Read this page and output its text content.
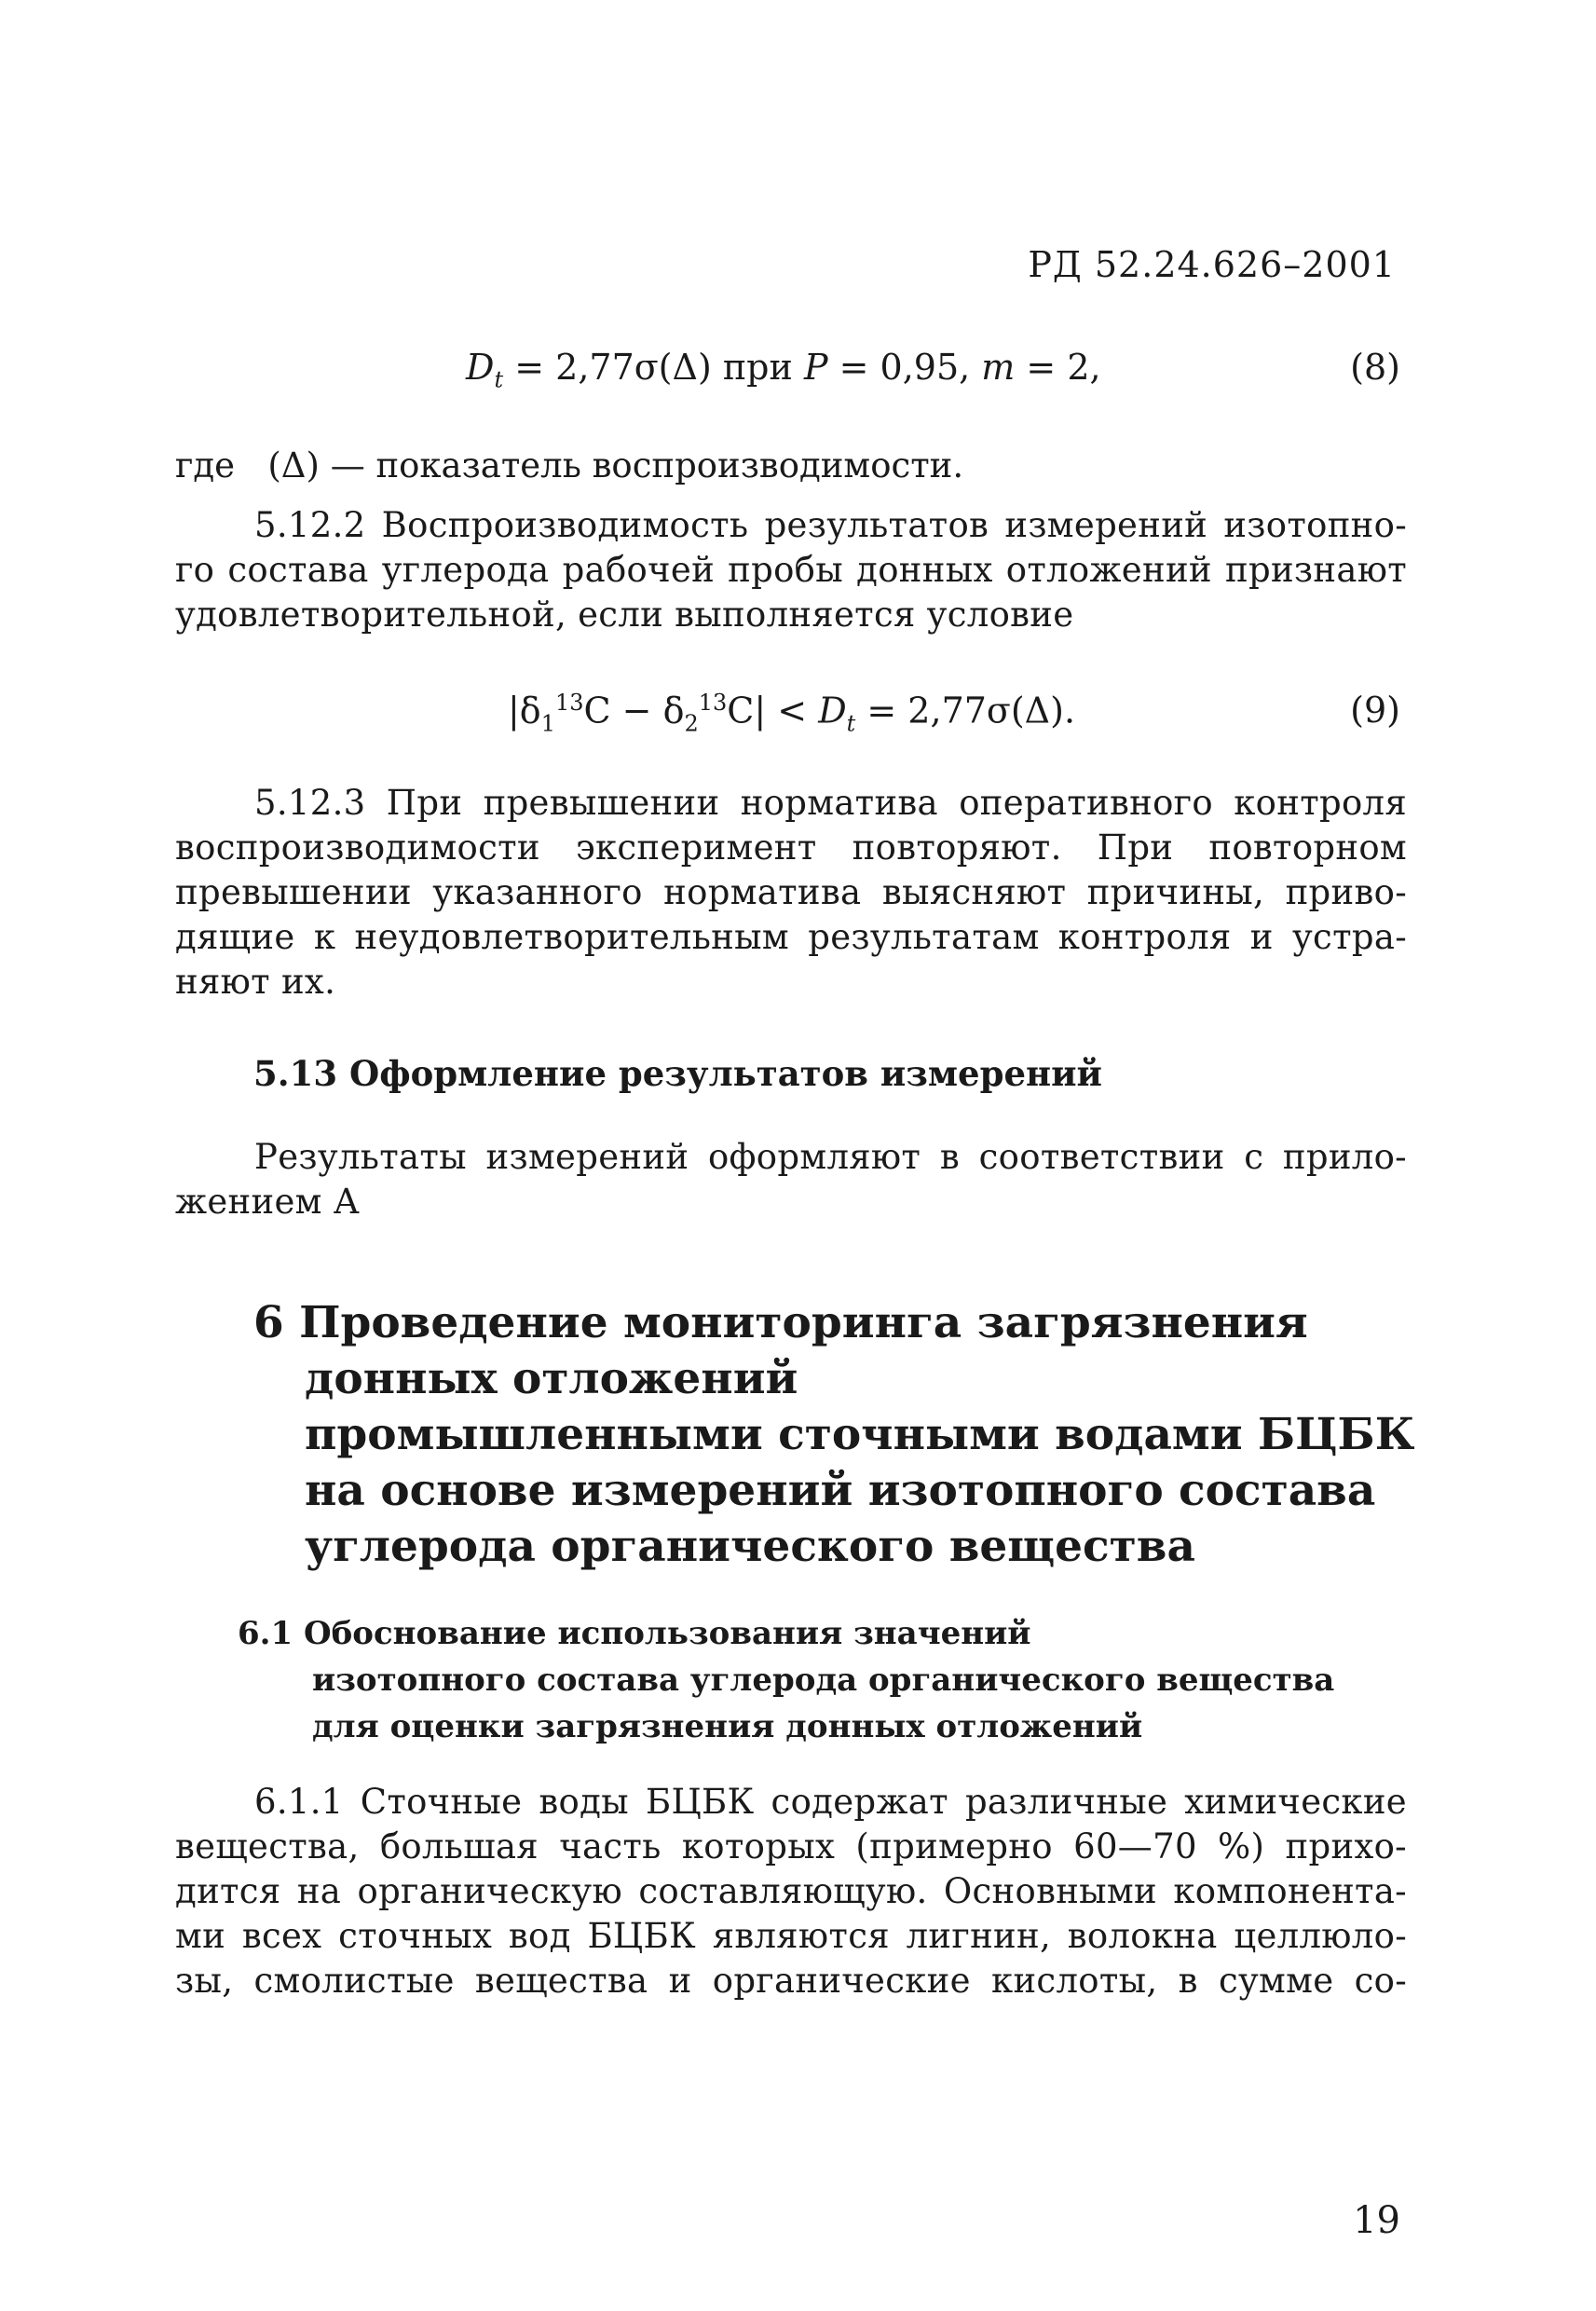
РД 52.24.626–2001
$D_t = 2,77\sigma(\Delta)$ при P = 0,95, m = 2,	(8)
где   (Δ) — показатель воспроизводимости.
5.12.2 Воспроизводимость результатов измерений изотопно-
го состава углерода рабочей пробы донных отложений признают
удовлетворительной, если выполняется условие
$|\delta_1^{13}C - \delta_2^{13}C| < D_t = 2,77\sigma(\Delta)$.	(9)
5.12.3 При превышении норматива оперативного контроля
воспроизводимости эксперимент повторяют. При повторном
превышении указанного норматива выясняют причины, приво-
дящие к неудовлетворительным результатам контроля и устра-
няют их.
5.13 Оформление результатов измерений
Результаты измерений оформляют в соответствии с прило-
жением А
6 Проведение мониторинга загрязнения
донных отложений
промышленными сточными водами БЦБК
на основе измерений изотопного состава
углерода органического вещества
6.1 Обоснование использования значений
изотопного состава углерода органического вещества
для оценки загрязнения донных отложений
6.1.1 Сточные воды БЦБК содержат различные химические
вещества, большая часть которых (примерно 60—70 %) прихо-
дится на органическую составляющую. Основными компонента-
ми всех сточных вод БЦБК являются лигнин, волокна целлюло-
зы, смолистые вещества и органические кислоты, в сумме со-
19
